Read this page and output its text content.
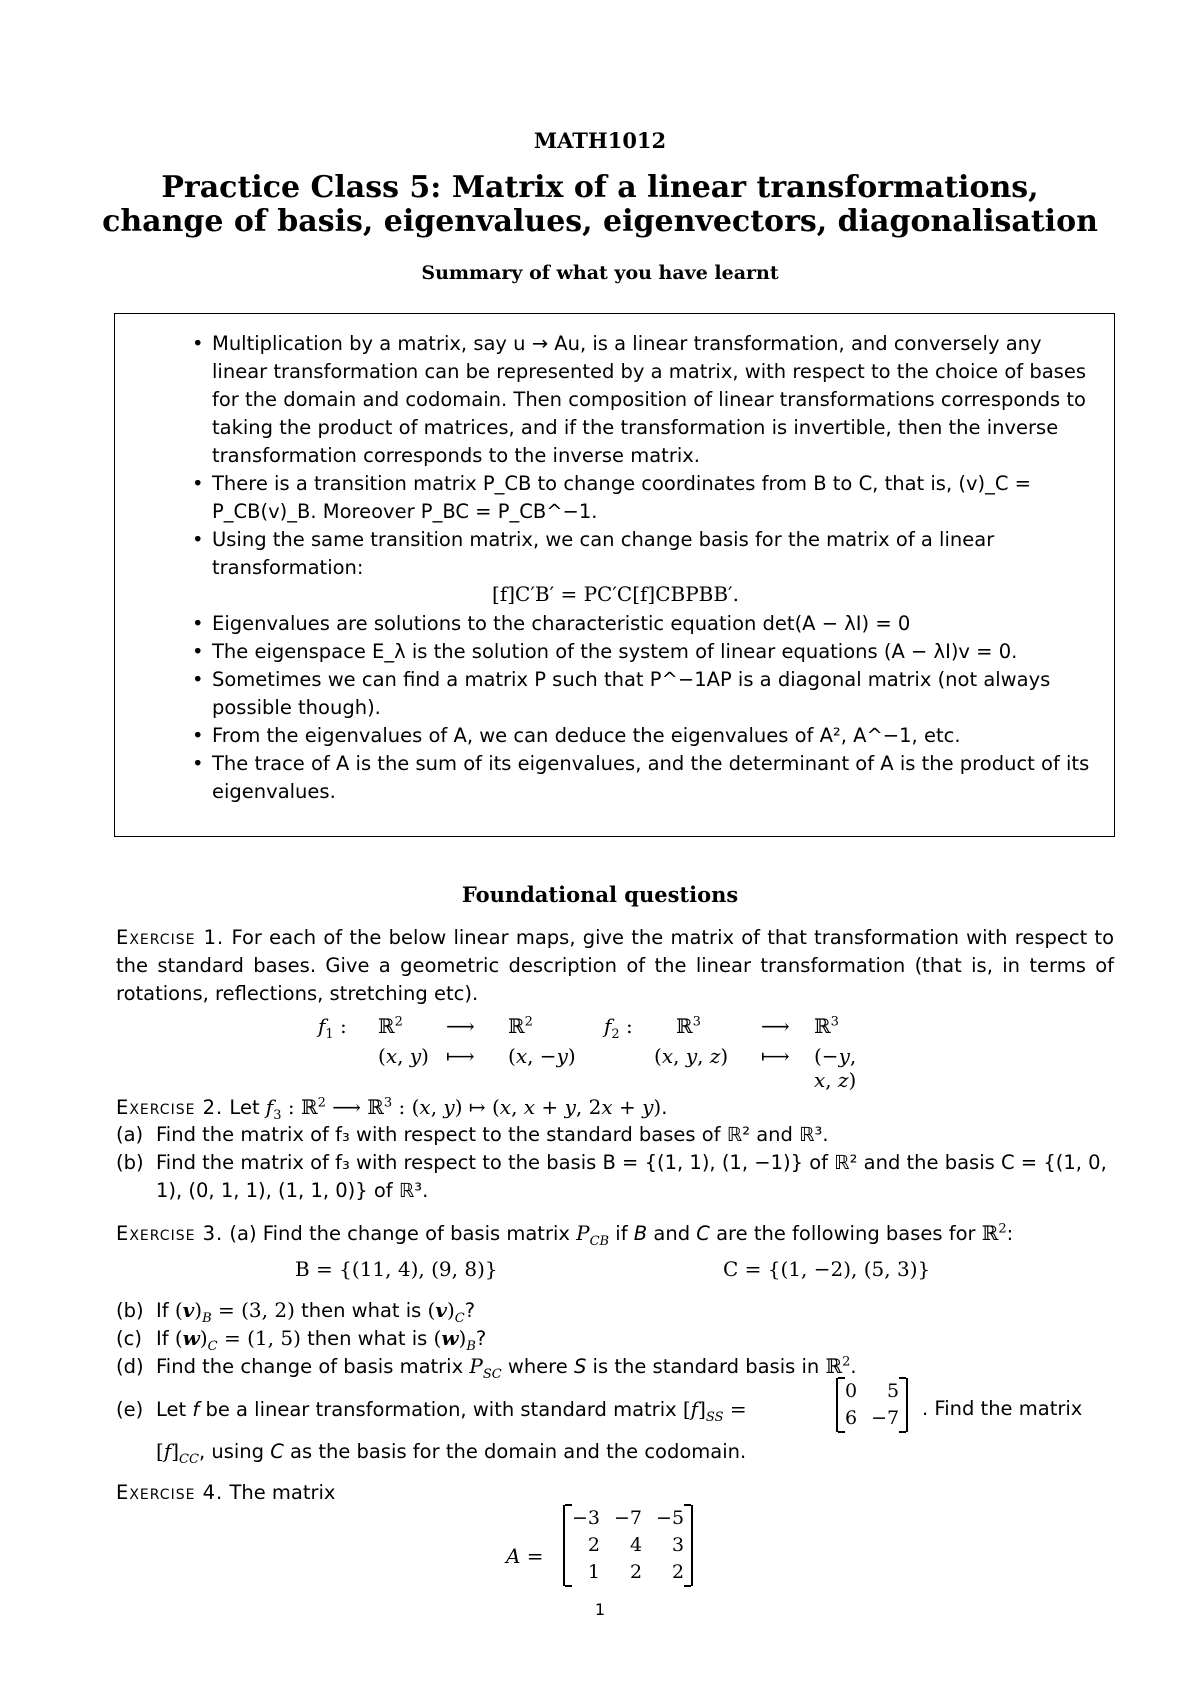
MATH1012
Practice Class 5: Matrix of a linear transformations,
change of basis, eigenvalues, eigenvectors, diagonalisation
Summary of what you have learnt
• Multiplication by a matrix, say u → Au, is a linear transformation, and conversely any linear transformation can be represented by a matrix, with respect to the choice of bases for the domain and codomain. Then composition of linear transformations corresponds to taking the product of matrices, and if the transformation is invertible, then the inverse transformation corresponds to the inverse matrix.
• There is a transition matrix P_CB to change coordinates from B to C, that is, (v)_C = P_CB(v)_B. Moreover P_BC = P_CB^−1.
• Using the same transition matrix, we can change basis for the matrix of a linear transformation:
[f]C′B′ = PC′C[f]CBPBB′.
• Eigenvalues are solutions to the characteristic equation det(A − λI) = 0
• The eigenspace E_λ is the solution of the system of linear equations (A − λI)v = 0.
• Sometimes we can find a matrix P such that P^−1AP is a diagonal matrix (not always possible though).
• From the eigenvalues of A, we can deduce the eigenvalues of A², A^−1, etc.
• The trace of A is the sum of its eigenvalues, and the determinant of A is the product of its eigenvalues.
Foundational questions
Exercise 1. For each of the below linear maps, give the matrix of that transformation with respect to the standard bases. Give a geometric description of the linear transformation (that is, in terms of rotations, reflections, stretching etc).
$f_1$ : ℝ$^2$ ⟶ ℝ$^2$
(x, y) ⟼ (x, −y)
$f_2$ : ℝ$^3$	⟶ ℝ$^3$
(x, y, z) ⟼ (−y, x, z)
Exercise 2. Let $f_3$ : ℝ$^2$ ⟶ ℝ$^3$ : (x, y) ↦ (x, x + y, 2x + y).
(a) Find the matrix of f₃ with respect to the standard bases of ℝ² and ℝ³.
(b) Find the matrix of f₃ with respect to the basis B = {(1, 1), (1, −1)} of ℝ² and the basis C = {(1, 0, 1), (0, 1, 1), (1, 1, 0)} of ℝ³.
Exercise 3. (a) Find the change of basis matrix $P_{CB}$ if B and C are the following bases for ℝ$^2$:
B = {(11, 4), (9, 8)}	C = {(1, −2), (5, 3)}
(b) If $(v)_B = (3$, 2) then what is $(v)_C$?
(c) If $(w)_C = (1$, 5) then what is $(w)_B$?
(d) Find the change of basis matrix $P_{SC}$ where S is the standard basis in ℝ$^2$.
(e) Let f be a linear transformation, with standard matrix $[f]_{SS}$ =
0	5
6	−7 . Find the matrix
$[f]_{CC}$, using C as the basis for the domain and the codomain.
Exercise 4. The matrix
A =
−3	−7	−5
2	4	3
1	2	2
1
